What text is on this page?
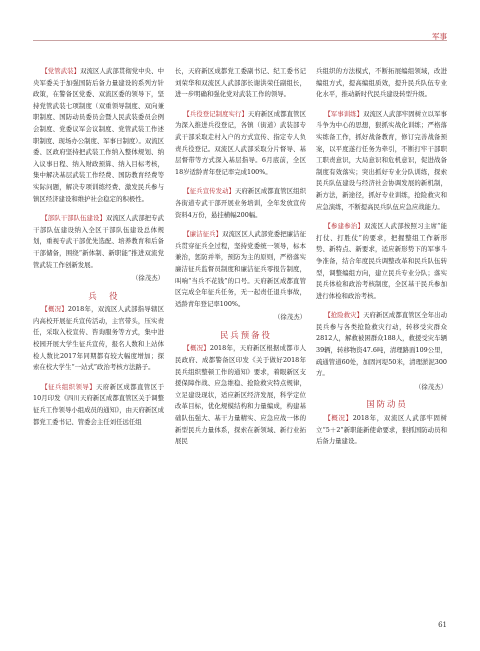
军事

【党管武装】双流区人武部贯彻党中央、中央军委关于加强国防后备力量建设的系列方针政策，在警备区党委、双流区委的领导下，坚持党管武装七项制度（双重领导制度、双向兼职制度、国防动员委员会暨人民武装委员会例会制度、党委议军会议制度、党管武装工作述职制度、现场办公制度、军事日制度）。双流区委、区政府坚持把武装工作纳入整体规划、纳入议事日程、纳入财政预算、纳入目标考核，集中解决基层武装工作经费、国防教育经费等实际问题，解决专项训练经费、激发民兵参与镇区经济建设和维护社会稳定的积极性。

【部队干部队伍建设】双流区人武部把专武干部队伍建设纳入全区干部队伍建设总体规划，重视专武干部优先选配、培养教育和后备干部储备，围绕“新体制、新职能”推进双流党管武装工作创新发展。

（徐茂杰）

兵　役

【概况】2018年，双流区人武部指导辖区内高校开展征兵宣传活动，主官带头，压实责任，采取入校宣传、咨询服务等方式，集中进校园开展大学生征兵宣传，报名人数和上站体检人数比2017年同期都有较大幅度增加；探索在校大学生“一站式”政治考核方法路子。

【征兵组织领导】天府新区成都直管区于10月印发《四川天府新区成都直管区关于调整征兵工作领导小组成员的通知》，由天府新区成都党工委书记、管委会主任刘任远任组

长，天府新区成都党工委副书记、纪工委书记刘荣华和双流区人武部部长谢洪荣任副组长，进一步明确和强化党对武装工作的领导。

【兵役登记制度实行】天府新区成都直管区为深入推进兵役登记，各镇（街道）武装部专武干部采取走村入户的方式宣传、指定专人负责兵役登记。双流区人武部采取分片督导、基层督带等方式深入基层指导。6月底前，全区18岁适龄青年登记率完成100%。

【征兵宣传发动】天府新区成都直管区组织各街道专武干部开展业务培训，全年发放宣传资料4万份，悬挂横幅200幅。

【廉洁征兵】双流区区人武部党委把廉洁征兵贯穿征兵全过程，坚持党委统一领导，标本兼治，惩防并举，预防为主的原则，严格落实廉洁征兵监督员制度和廉洁征兵零报告制度，叫响“当兵不花钱”的口号。天府新区成都直管区完成全年征兵任务，无一起责任退兵事故，适龄青年登记率100%。

（徐茂杰）

民兵预备役

【概况】2018年，天府新区根据成都市人民政府、成都警备区印发《关于做好2018年民兵组织整顿工作的通知》要求，着眼新区支援保障作战、应急维稳、抢险救灾特点规律，立足建设现状，适应新区经济发展，科学定位改革目标，优化规模结构和力量编成，构建基础队伍强大、基干力量精实、应急应战一体的新型民兵力量体系，探索在新领域、新行业拓展民

兵组织的方法模式，不断拓展编组领域，改进编组方式，提高编组质效，提升民兵队伍专业化水平，推动新时代民兵建设转型升级。

【军事训练】双流区人武部牢固树立以军事斗争为中心的思想，狠抓实战化训练；严格落实练备工作，抓好战备教育，修订完善战备预案，以平度遂行任务为牵引，不断打牢干部职工职责意识，大局意识和危机意识，促进战备制度有效落实；突出抓好专业分队训练，探索民兵队伍建设与经济社会协调发展的新机制，新方法，新途径，抓好专业训练，抢险救灾和应急演练，不断提高民兵队伍应急应战能力。

【参建参治】双流区人武部按照习主席“能打仗、打胜仗”的要求，把握整组工作新形势、新特点、新要求，适应新形势下的军事斗争准备，结合年度民兵调整改革和民兵队伍转型，调整编组方向，建立民兵专业分队；落实民兵体检和政治考核制度，全区基干民兵参加进行体检和政治考核。

【抢险救灾】天府新区成都直管区全年出动民兵参与各类抢险救灾行动，转移受灾群众2812人，解救被困群众188人，救援受灾车辆39辆，转移物资47.6吨，清理路面109公里，疏通管道60处，加固河堤50米，清理淤泥300方。

（徐茂杰）

国防动员

【概况】2018年，双流区人武部牢固树立“5＋2”新职能新使命要求，狠抓国防动员和后备力量建设。

61
